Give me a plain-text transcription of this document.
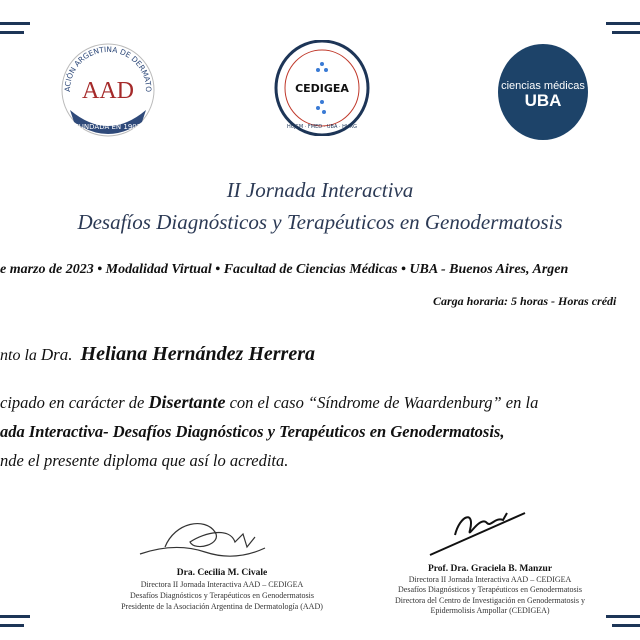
ACIÓN ARGENTINA DE DERMATO
AAD
FUNDADA EN 1907
CEDIGEA
HCJSM · FMED · UBA · HHRG
ciencias médicas
UBA
II Jornada Interactiva
Desafíos Diagnósticos y Terapéuticos en Genodermatosis
e marzo de 2023 • Modalidad Virtual • Facultad de Ciencias Médicas • UBA - Buenos Aires, Argen
Carga horaria: 5 horas - Horas crédi
nto la Dra. Heliana Hernández Herrera
cipado en carácter de Disertante con el caso “Síndrome de Waardenburg” en la
ada Interactiva- Desafíos Diagnósticos y Terapéuticos en Genodermatosis,
nde el presente diploma que así lo acredita.
Dra. Cecilia M. Civale
Directora II Jornada Interactiva AAD – CEDIGEA
Desafíos Diagnósticos y Terapéuticos en Genodermatosis
Presidente de la Asociación Argentina de Dermatología (AAD)
Prof. Dra. Graciela B. Manzur
Directora II Jornada Interactiva AAD – CEDIGEA
Desafíos Diagnósticos y Terapéuticos en Genodermatosis
Directora del Centro de Investigación en Genodermatosis y
Epidermolisis Ampollar (CEDIGEA)
